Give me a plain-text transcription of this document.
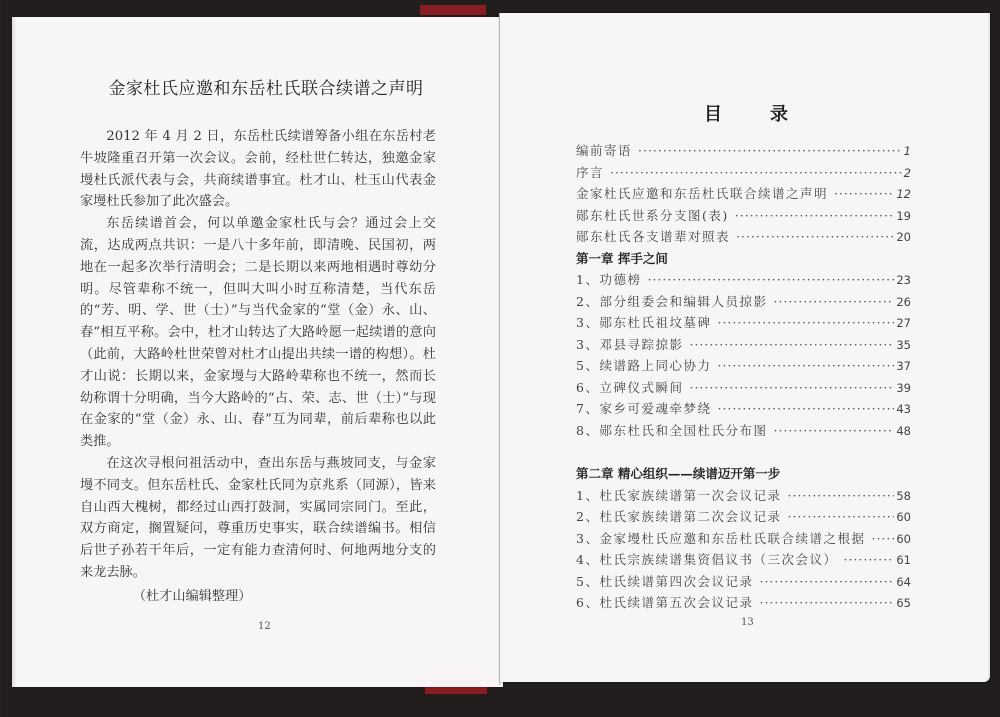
金家杜氏应邀和东岳杜氏联合续谱之声明

2012 年 4 月 2 日，东岳杜氏续谱筹备小组在东岳村老牛坡隆重召开第一次会议。会前，经杜世仁转达，独邀金家墁杜氏派代表与会，共商续谱事宜。杜才山、杜玉山代表金家墁杜氏参加了此次盛会。

东岳续谱首会，何以单邀金家杜氏与会？通过会上交流，达成两点共识：一是八十多年前，即清晚、民国初，两地在一起多次举行清明会；二是长期以来两地相遇时尊幼分明。尽管辈称不统一，但叫大叫小时互称清楚，当代东岳的“芳、明、学、世（士）”与当代金家的“堂（金）永、山、春”相互平称。会中，杜才山转达了大路岭愿一起续谱的意向（此前，大路岭杜世荣曾对杜才山提出共续一谱的构想）。杜才山说：长期以来，金家墁与大路岭辈称也不统一，然而长幼称谓十分明确，当今大路岭的“占、荣、志、世（士）”与现在金家的“堂（金）永、山、春”互为同辈，前后辈称也以此类推。

在这次寻根问祖活动中，查出东岳与燕坡同支，与金家墁不同支。但东岳杜氏、金家杜氏同为京兆系（同源），皆来自山西大槐树，都经过山西打鼓洞，实属同宗同门。至此，双方商定，搁置疑问，尊重历史事实，联合续谱编书。相信后世子孙若干年后，一定有能力查清何时、何地两地分支的来龙去脉。

（杜才山编辑整理）

12
目	录
编前寄语 ·····	1
序言 ·····	2
金家杜氏应邀和东岳杜氏联合续谱之声明 ·····	12
郧东杜氏世系分支图(表) ·····	19
郧东杜氏各支谱辈对照表 ·····	20
第一章 挥手之间
1、功德榜 ·····	23
2、部分组委会和编辑人员掠影 ·····	26
3、郧东杜氏祖坟墓碑 ·····	27
3、邓县寻踪掠影 ·····	35
5、续谱路上同心协力 ·····	37
6、立碑仪式瞬间 ·····	39
7、家乡可爱魂牵梦绕 ·····	43
8、郧东杜氏和全国杜氏分布图 ·····	48
第二章 精心组织——续谱迈开第一步
1、杜氏家族续谱第一次会议记录 ·····	58
2、杜氏家族续谱第二次会议记录 ·····	60
3、金家墁杜氏应邀和东岳杜氏联合续谱之根据 ·····	60
4、杜氏宗族续谱集资倡议书（三次会议） ·····	61
5、杜氏续谱第四次会议记录 ·····	64
6、杜氏续谱第五次会议记录 ·····	65
13
